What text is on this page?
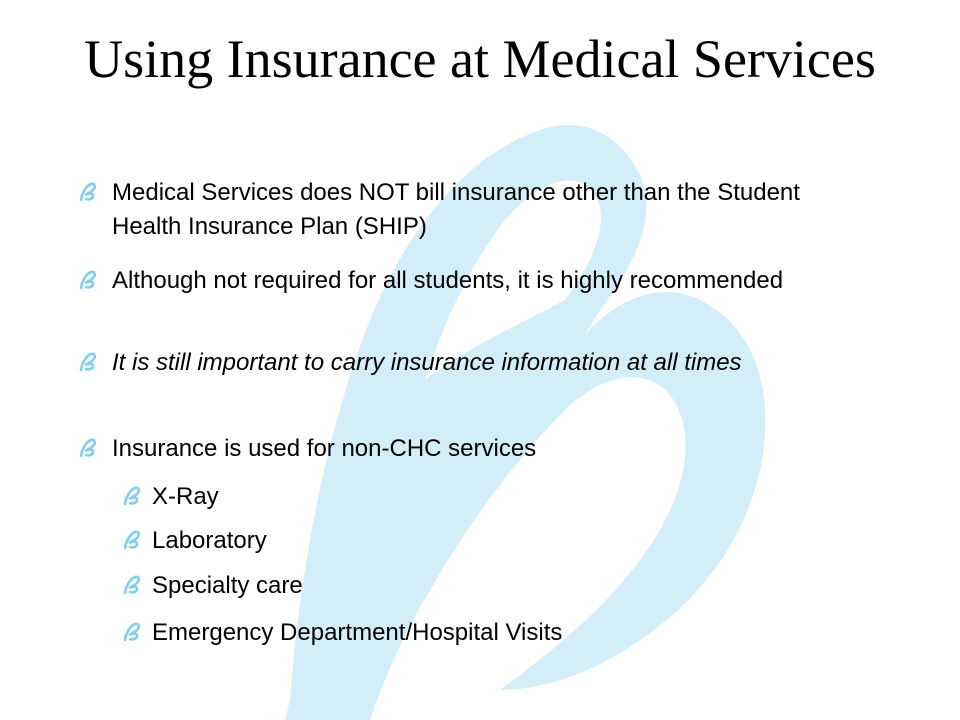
Using Insurance at Medical Services
Medical Services does NOT bill insurance other than the Student Health Insurance Plan (SHIP)
Although not required for all students, it is highly recommended
It is still important to carry insurance information at all times
Insurance is used for non-CHC services
X-Ray
Laboratory
Specialty care
Emergency Department/Hospital Visits
